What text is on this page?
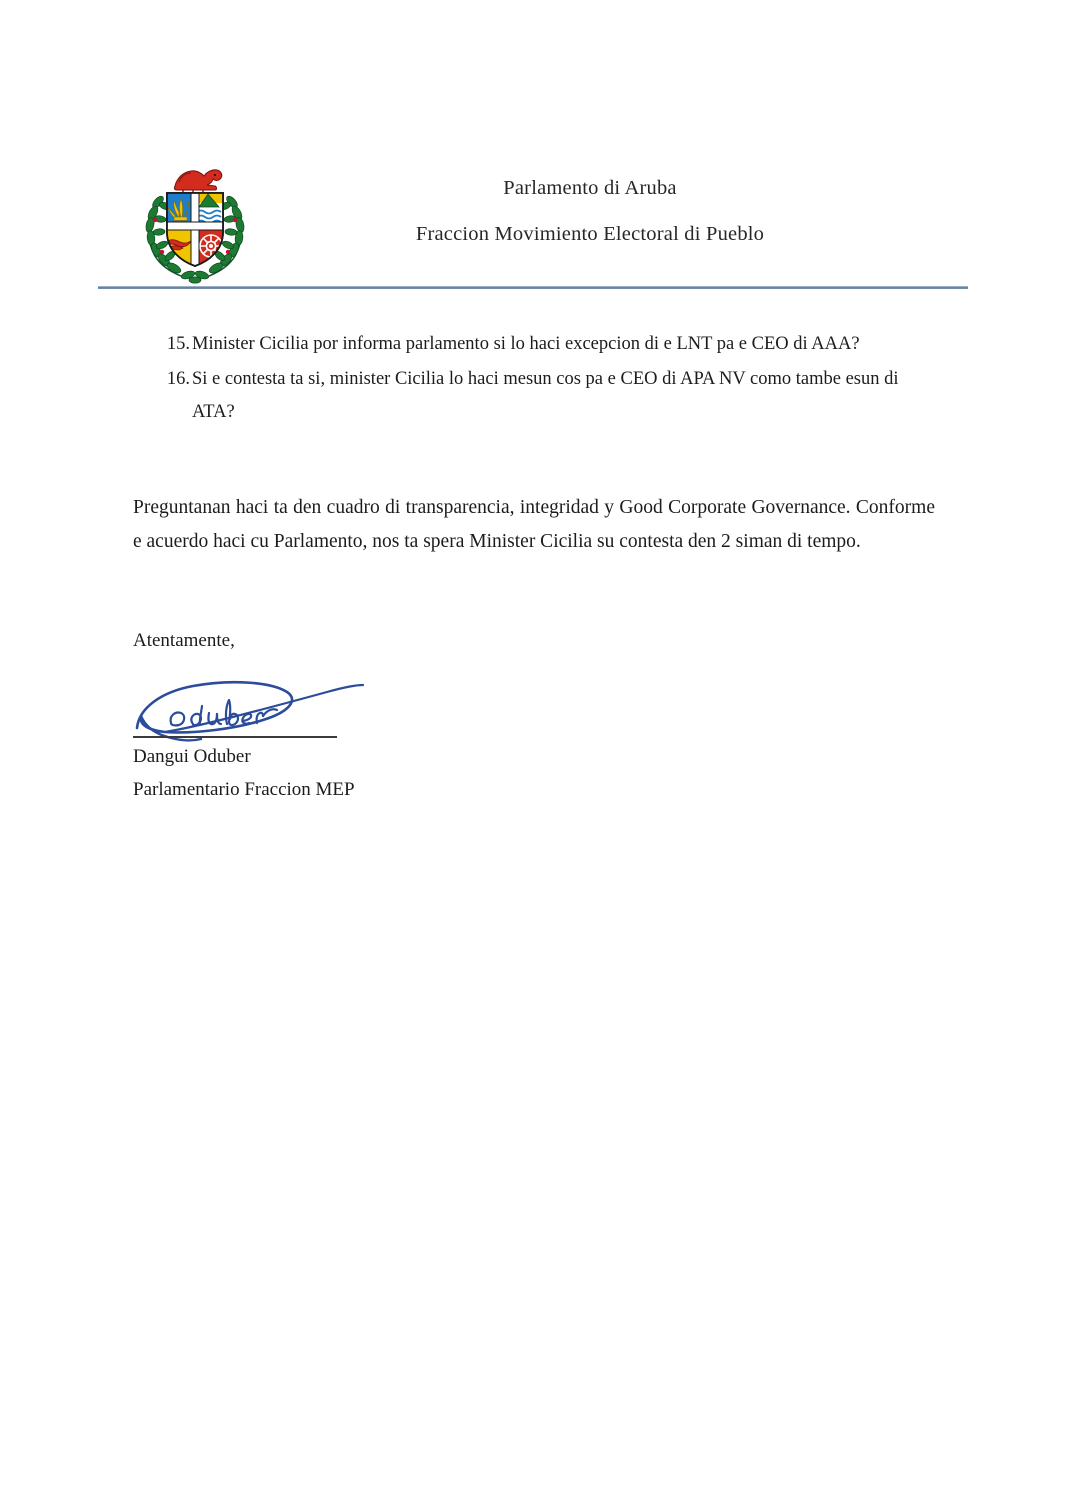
Parlamento di Aruba
Fraccion Movimiento Electoral di Pueblo
15. Minister Cicilia por informa parlamento si lo haci excepcion di e LNT pa e CEO di AAA?
16. Si e contesta ta si, minister Cicilia lo haci mesun cos pa e CEO di APA NV como tambe esun di ATA?

Preguntanan haci ta den cuadro di transparencia, integridad y Good Corporate Governance. Conforme e acuerdo haci cu Parlamento, nos ta spera Minister Cicilia su contesta den 2 siman di tempo.

Atentamente,
Dangui Oduber
Parlamentario Fraccion MEP
